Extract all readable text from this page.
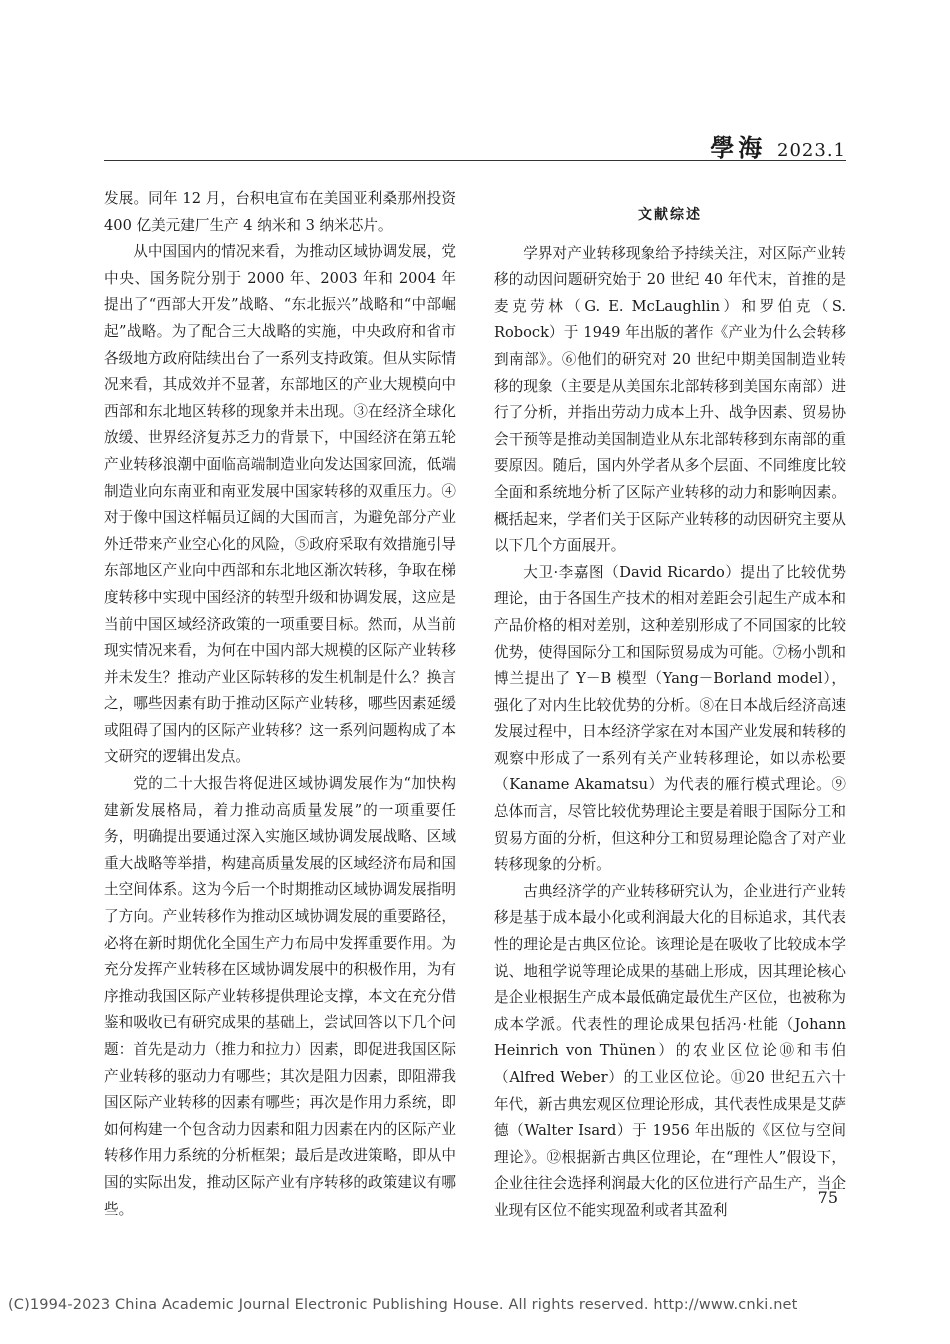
學海 2023.1

发展。同年 12 月，台积电宣布在美国亚利桑那州投资 400 亿美元建厂生产 4 纳米和 3 纳米芯片。

从中国国内的情况来看，为推动区域协调发展，党中央、国务院分别于 2000 年、2003 年和 2004 年提出了“西部大开发”战略、“东北振兴”战略和“中部崛起”战略。为了配合三大战略的实施，中央政府和省市各级地方政府陆续出台了一系列支持政策。但从实际情况来看，其成效并不显著，东部地区的产业大规模向中西部和东北地区转移的现象并未出现。③在经济全球化放缓、世界经济复苏乏力的背景下，中国经济在第五轮产业转移浪潮中面临高端制造业向发达国家回流，低端制造业向东南亚和南亚发展中国家转移的双重压力。④对于像中国这样幅员辽阔的大国而言，为避免部分产业外迁带来产业空心化的风险，⑤政府采取有效措施引导东部地区产业向中西部和东北地区渐次转移，争取在梯度转移中实现中国经济的转型升级和协调发展，这应是当前中国区域经济政策的一项重要目标。然而，从当前现实情况来看，为何在中国内部大规模的区际产业转移并未发生？推动产业区际转移的发生机制是什么？换言之，哪些因素有助于推动区际产业转移，哪些因素延缓或阻碍了国内的区际产业转移？这一系列问题构成了本文研究的逻辑出发点。

党的二十大报告将促进区域协调发展作为“加快构建新发展格局，着力推动高质量发展”的一项重要任务，明确提出要通过深入实施区域协调发展战略、区域重大战略等举措，构建高质量发展的区域经济布局和国土空间体系。这为今后一个时期推动区域协调发展指明了方向。产业转移作为推动区域协调发展的重要路径，必将在新时期优化全国生产力布局中发挥重要作用。为充分发挥产业转移在区域协调发展中的积极作用，为有序推动我国区际产业转移提供理论支撑，本文在充分借鉴和吸收已有研究成果的基础上，尝试回答以下几个问题：首先是动力（推力和拉力）因素，即促进我国区际产业转移的驱动力有哪些；其次是阻力因素，即阻滞我国区际产业转移的因素有哪些；再次是作用力系统，即如何构建一个包含动力因素和阻力因素在内的区际产业转移作用力系统的分析框架；最后是改进策略，即从中国的实际出发，推动区际产业有序转移的政策建议有哪些。

文献综述

学界对产业转移现象给予持续关注，对区际产业转移的动因问题研究始于 20 世纪 40 年代末，首推的是麦克劳林（G. E. McLaughlin）和罗伯克（S. Robock）于 1949 年出版的著作《产业为什么会转移到南部》。⑥他们的研究对 20 世纪中期美国制造业转移的现象（主要是从美国东北部转移到美国东南部）进行了分析，并指出劳动力成本上升、战争因素、贸易协会干预等是推动美国制造业从东北部转移到东南部的重要原因。随后，国内外学者从多个层面、不同维度比较全面和系统地分析了区际产业转移的动力和影响因素。概括起来，学者们关于区际产业转移的动因研究主要从以下几个方面展开。

大卫·李嘉图（David Ricardo）提出了比较优势理论，由于各国生产技术的相对差距会引起生产成本和产品价格的相对差别，这种差别形成了不同国家的比较优势，使得国际分工和国际贸易成为可能。⑦杨小凯和博兰提出了 Y－B 模型（Yang－Borland model），强化了对内生比较优势的分析。⑧在日本战后经济高速发展过程中，日本经济学家在对本国产业发展和转移的观察中形成了一系列有关产业转移理论，如以赤松要（Kaname Akamatsu）为代表的雁行模式理论。⑨总体而言，尽管比较优势理论主要是着眼于国际分工和贸易方面的分析，但这种分工和贸易理论隐含了对产业转移现象的分析。

古典经济学的产业转移研究认为，企业进行产业转移是基于成本最小化或利润最大化的目标追求，其代表性的理论是古典区位论。该理论是在吸收了比较成本学说、地租学说等理论成果的基础上形成，因其理论核心是企业根据生产成本最低确定最优生产区位，也被称为成本学派。代表性的理论成果包括冯·杜能（Johann Heinrich von Thünen）的农业区位论⑩和韦伯（Alfred Weber）的工业区位论。⑪20 世纪五六十年代，新古典宏观区位理论形成，其代表性成果是艾萨德（Walter Isard）于 1956 年出版的《区位与空间理论》。⑫根据新古典区位理论，在“理性人”假设下，企业往往会选择利润最大化的区位进行产品生产，当企业现有区位不能实现盈利或者其盈利

75
(C)1994-2023 China Academic Journal Electronic Publishing House. All rights reserved. http://www.cnki.net
